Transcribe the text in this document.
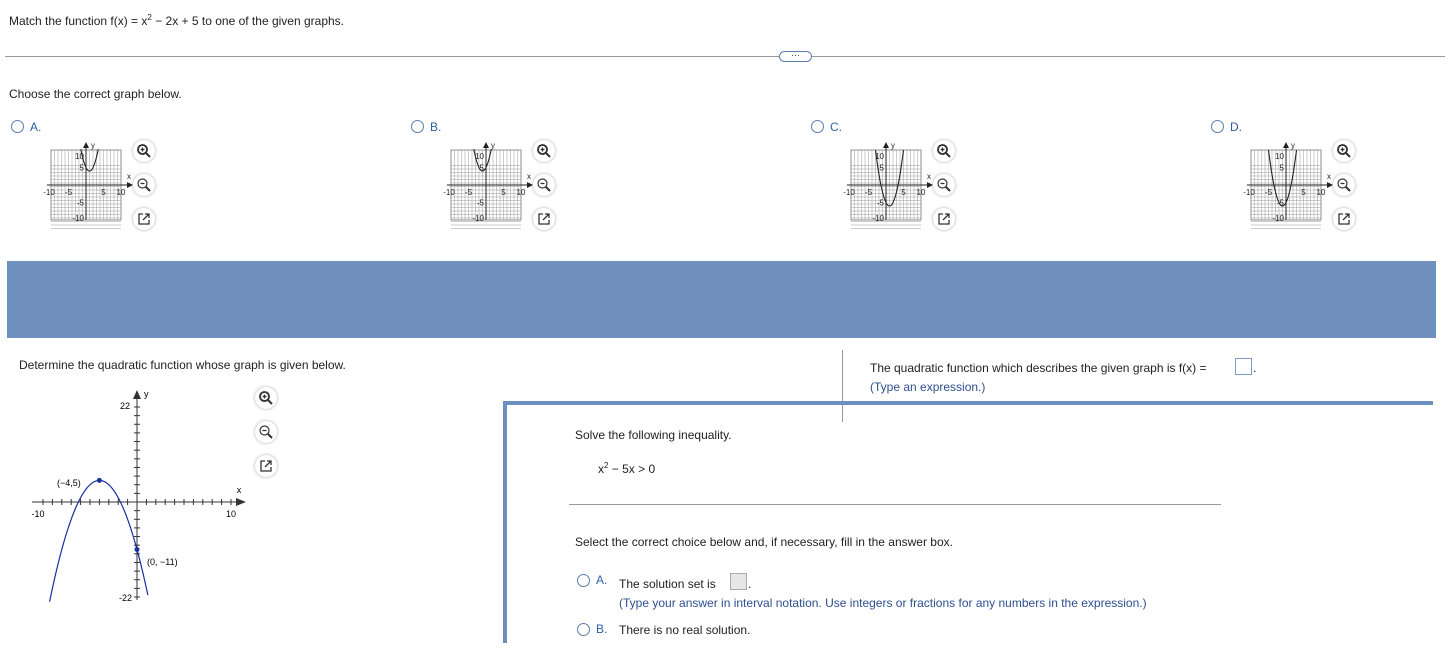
Match the function $f(x) = x^2 - 2x + 5$ to one of the given graphs.
···
Choose the correct graph below.
A.
10
5
-5
-10
-10 -5	5 10
x
y
B.
10
5
-5
-10
-10 -5	5 10
x
y
C.
10
5
-5
-10
-10 -5	5 10
x
y
D.
10
5
-5
-10
-10 -5	5 10
x
y
Determine the quadratic function whose graph is given below.
22
-22
-10	10
x
y
(−4,5)
(0, −11)
The quadratic function which describes the given graph is f(x) =	.
(Type an expression.)
Solve the following inequality.
$x^2 - 5x > 0$
Select the correct choice below and, if necessary, fill in the answer box.
A. The solution set is	.
(Type your answer in interval notation. Use integers or fractions for any numbers in the expression.)
B. There is no real solution.
